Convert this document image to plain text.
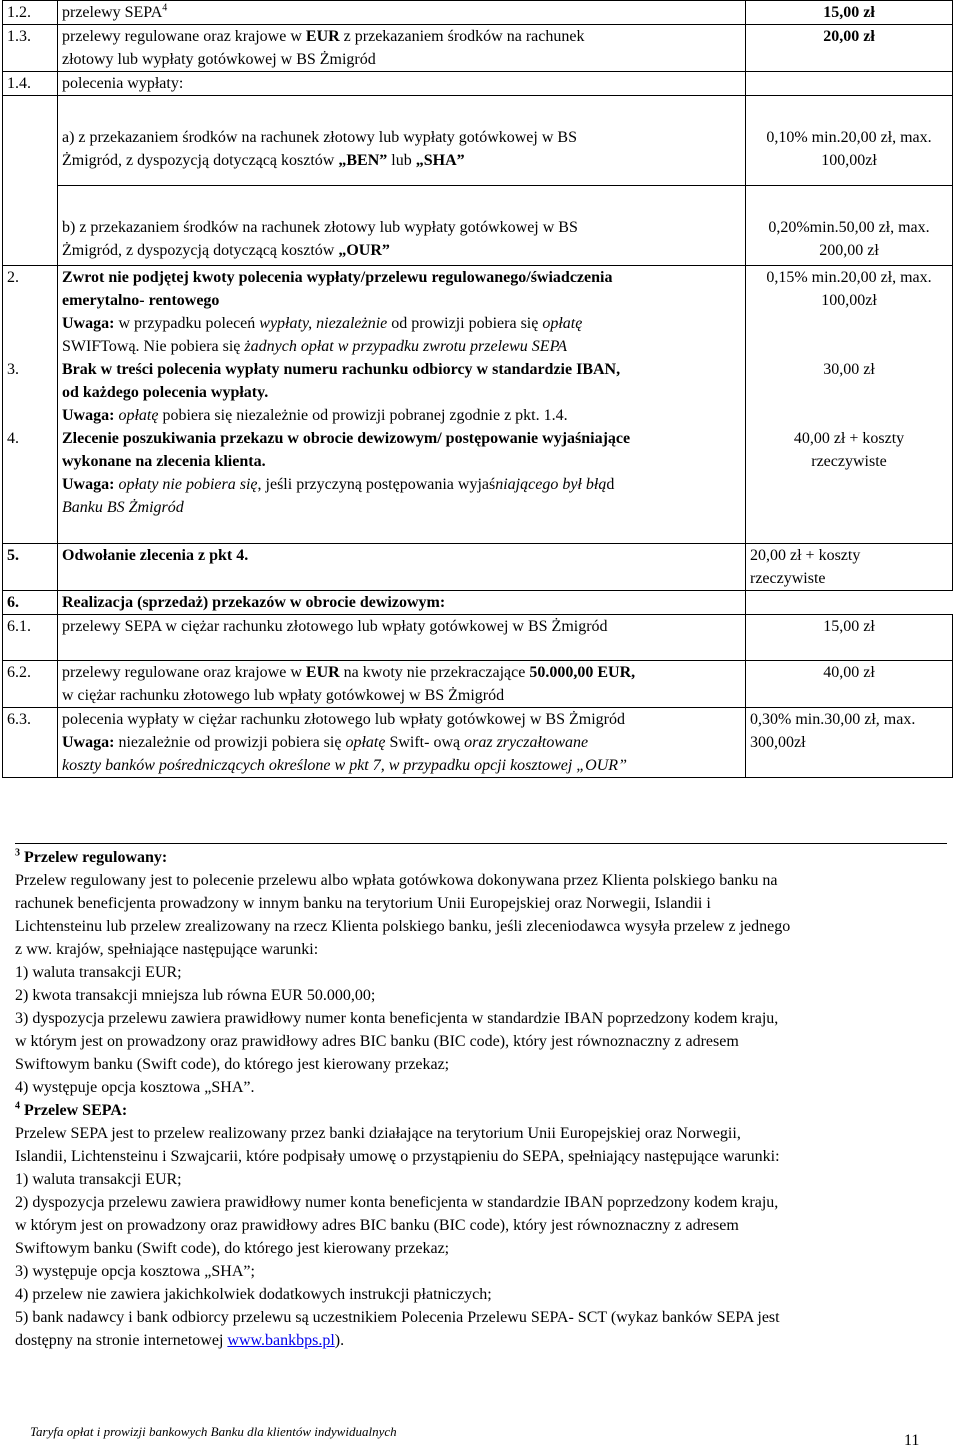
1.2.	przelewy SEPA$^4$	15,00 zł
1.3.	przelewy regulowane oraz krajowe w EUR z przekazaniem środków na rachunek
złotowy lub wypłaty gotówkowej w BS Żmigród	20,00 zł
1.4.	polecenia wypłaty:	
	a) z przekazaniem środków na rachunek złotowy lub wypłaty gotówkowej w BS
Żmigród, z dyspozycją dotyczącą kosztów „BEN” lub „SHA”	0,10% min.20,00 zł, max.
100,00zł
	b) z przekazaniem środków na rachunek złotowy lub wypłaty gotówkowej w BS
Żmigród, z dyspozycją dotyczącą kosztów „OUR”	0,20%min.50,00 zł, max.
200,00 zł
2.	Zwrot nie podjętej kwoty polecenia wypłaty/przelewu regulowanego/świadczenia
emerytalno- rentowego
Uwaga: w przypadku poleceń wypłaty, niezależnie od prowizji pobiera się opłatę
SWIFTową. Nie pobiera się żadnych opłat w przypadku zwrotu przelewu SEPA	0,15% min.20,00 zł, max.
100,00zł
3.	Brak w treści polecenia wypłaty numeru rachunku odbiorcy w standardzie IBAN,
od każdego polecenia wypłaty.
Uwaga: opłatę pobiera się niezależnie od prowizji pobranej zgodnie z pkt. 1.4.	30,00 zł
4.	Zlecenie poszukiwania przekazu w obrocie dewizowym/ postępowanie wyjaśniające
wykonane na zlecenia klienta.
Uwaga: opłaty nie pobiera się, jeśli przyczyną postępowania wyjaśniającego był błąd
Banku BS Żmigród	40,00 zł + koszty
rzeczywiste
5.	Odwołanie zlecenia z pkt 4.	20,00 zł + koszty
rzeczywiste
6.	Realizacja (sprzedaż) przekazów w obrocie dewizowym:	
6.1.	przelewy SEPA w ciężar rachunku złotowego lub wpłaty gotówkowej w BS Żmigród	15,00 zł
6.2.	przelewy regulowane oraz krajowe w EUR na kwoty nie przekraczające 50.000,00 EUR,
w ciężar rachunku złotowego lub wpłaty gotówkowej w BS Żmigród	40,00 zł
6.3.	polecenia wypłaty w ciężar rachunku złotowego lub wpłaty gotówkowej w BS Żmigród
Uwaga: niezależnie od prowizji pobiera się opłatę Swift- ową oraz zryczałtowane
koszty banków pośredniczących określone w pkt 7, w przypadku opcji kosztowej „OUR”	0,30% min.30,00 zł, max.
300,00zł
$^3$ Przelew regulowany:

Przelew regulowany jest to polecenie przelewu albo wpłata gotówkowa dokonywana przez Klienta polskiego banku na

rachunek beneficjenta prowadzony w innym banku na terytorium Unii Europejskiej oraz Norwegii, Islandii i

Lichtensteinu lub przelew zrealizowany na rzecz Klienta polskiego banku, jeśli zleceniodawca wysyła przelew z jednego

z ww. krajów, spełniające następujące warunki:

1) waluta transakcji EUR;

2) kwota transakcji mniejsza lub równa EUR 50.000,00;

3) dyspozycja przelewu zawiera prawidłowy numer konta beneficjenta w standardzie IBAN poprzedzony kodem kraju,

w którym jest on prowadzony oraz prawidłowy adres BIC banku (BIC code), który jest równoznaczny z adresem

Swiftowym banku (Swift code), do którego jest kierowany przekaz;

4) występuje opcja kosztowa „SHA”.

$^4$ Przelew SEPA:

Przelew SEPA jest to przelew realizowany przez banki działające na terytorium Unii Europejskiej oraz Norwegii,

Islandii, Lichtensteinu i Szwajcarii, które podpisały umowę o przystąpieniu do SEPA, spełniający następujące warunki:

1) waluta transakcji EUR;

2) dyspozycja przelewu zawiera prawidłowy numer konta beneficjenta w standardzie IBAN poprzedzony kodem kraju,

w którym jest on prowadzony oraz prawidłowy adres BIC banku (BIC code), który jest równoznaczny z adresem

Swiftowym banku (Swift code), do którego jest kierowany przekaz;

3) występuje opcja kosztowa „SHA”;

4) przelew nie zawiera jakichkolwiek dodatkowych instrukcji płatniczych;

5) bank nadawcy i bank odbiorcy przelewu są uczestnikiem Polecenia Przelewu SEPA- SCT (wykaz banków SEPA jest

dostępny na stronie internetowej www.bankbps.pl).

Taryfa opłat i prowizji bankowych Banku dla klientów indywidualnych
11
